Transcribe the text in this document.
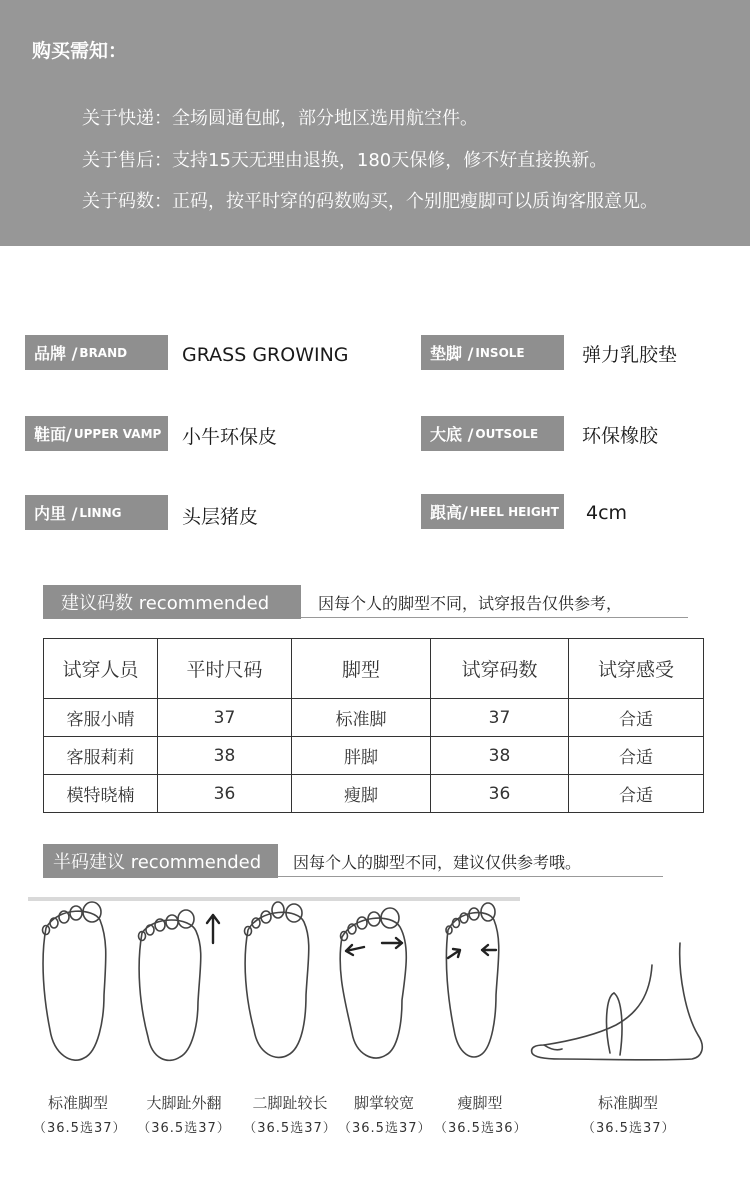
购买需知：
关于快递：全场圆通包邮，部分地区选用航空件。
关于售后：支持15天无理由退换，180天保修，修不好直接换新。
关于码数：正码，按平时穿的码数购买，个别肥瘦脚可以质询客服意见。
品牌 / BRAND	GRASS GROWING	垫脚 / INSOLE	弹力乳胶垫
鞋面/ UPPER VAMP 小牛环保皮	大底 / OUTSOLE 环保橡胶
内里 / LINNG	头层猪皮	跟高/ HEEL HEIGHT 4cm
建议码数 recommended	因每个人的脚型不同，试穿报告仅供参考，
试穿人员	平时尺码	脚型	试穿码数	试穿感受
客服小晴	37	标准脚	37	合适
客服莉莉	38	胖脚	38	合适
模特晓楠	36	瘦脚	36	合适
半码建议 recommended	因每个人的脚型不同，建议仅供参考哦。
标准脚型
（36.5选37）
大脚趾外翻
（36.5选37）
二脚趾较长
（36.5选37）
脚掌较宽
（36.5选37）
瘦脚型
（36.5选36）
标准脚型
（36.5选37）
